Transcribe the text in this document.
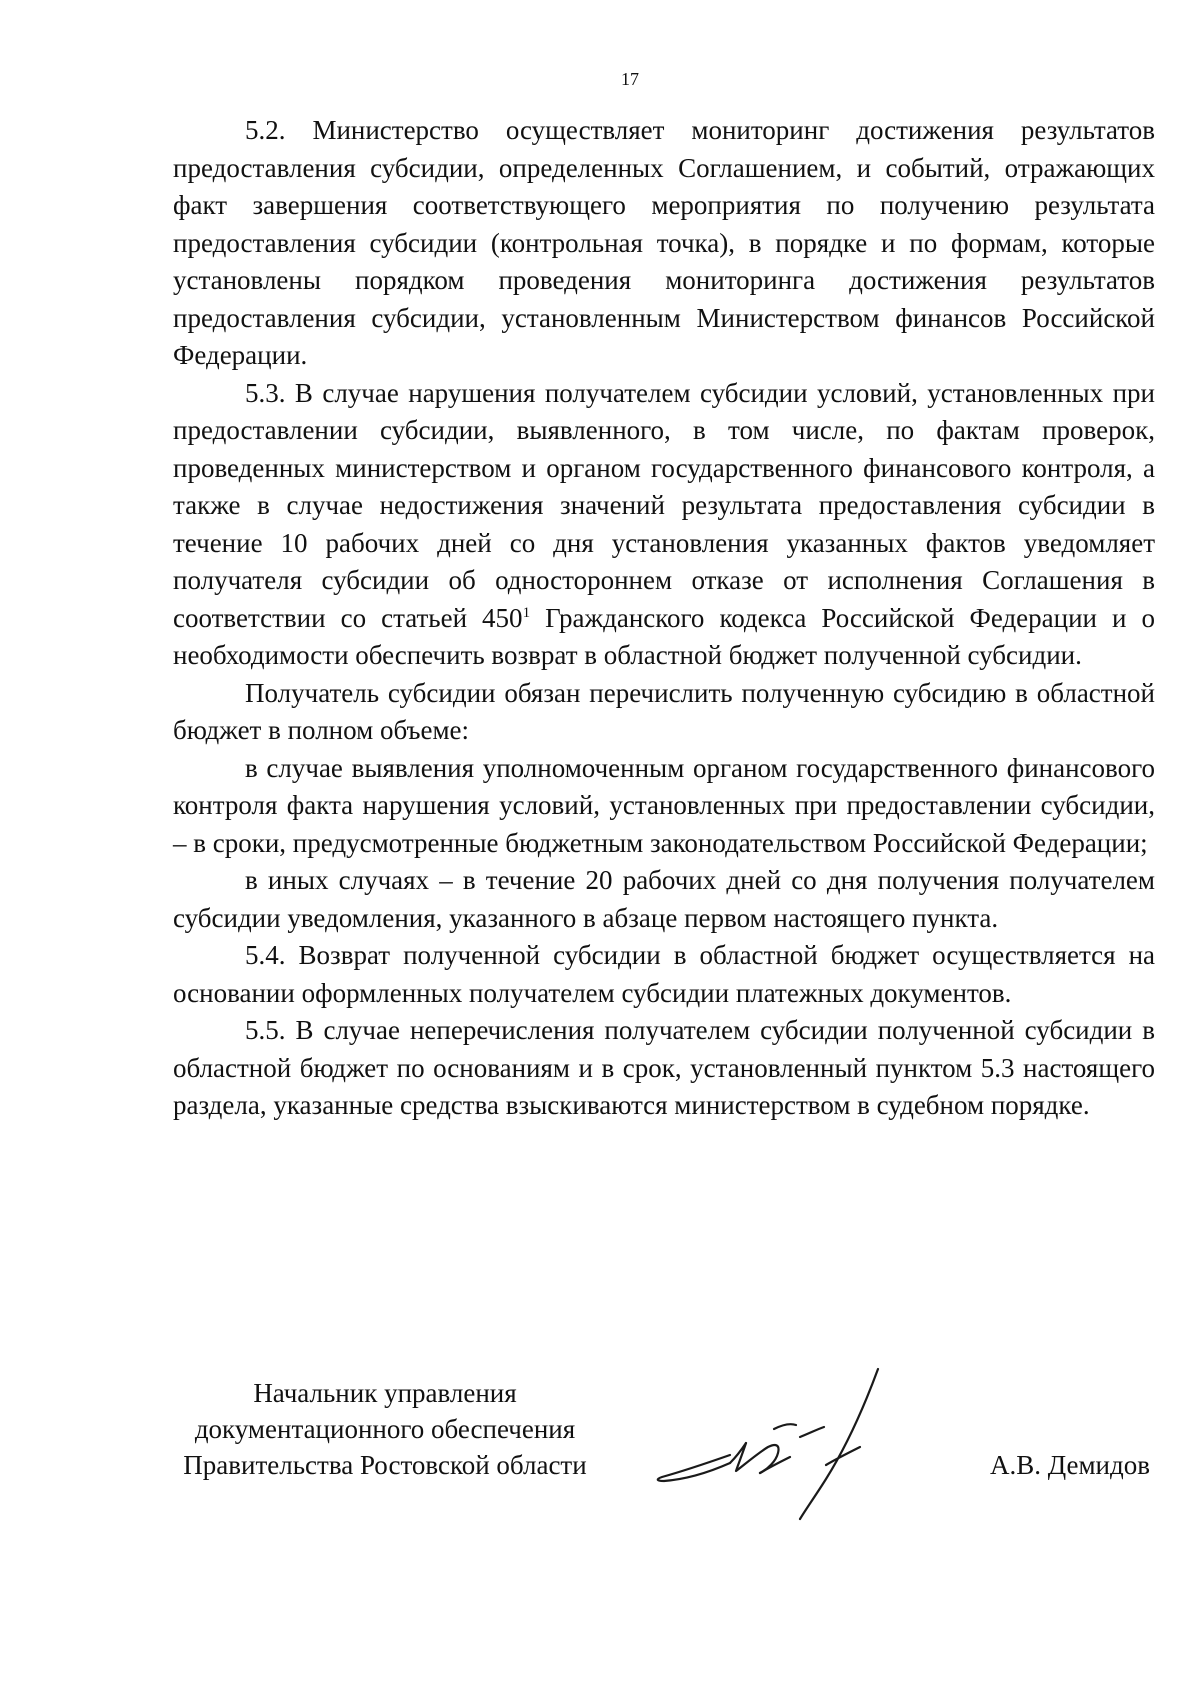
17

5.2. Министерство осуществляет мониторинг достижения результатов предоставления субсидии, определенных Соглашением, и событий, отражающих факт завершения соответствующего мероприятия по получению результата предоставления субсидии (контрольная точка), в порядке и по формам, которые установлены порядком проведения мониторинга достижения результатов предоставления субсидии, установленным Министерством финансов Российской Федерации.

5.3. В случае нарушения получателем субсидии условий, установленных при предоставлении субсидии, выявленного, в том числе, по фактам проверок, проведенных министерством и органом государственного финансового контроля, а также в случае недостижения значений результата предоставления субсидии в течение 10 рабочих дней со дня установления указанных фактов уведомляет получателя субсидии об одностороннем отказе от исполнения Соглашения в соответствии со статьей $450^1$ Гражданского кодекса Российской Федерации и о необходимости обеспечить возврат в областной бюджет полученной субсидии.

Получатель субсидии обязан перечислить полученную субсидию в областной бюджет в полном объеме:

в случае выявления уполномоченным органом государственного финансового контроля факта нарушения условий, установленных при предоставлении субсидии, – в сроки, предусмотренные бюджетным законодательством Российской Федерации;

в иных случаях – в течение 20 рабочих дней со дня получения получателем субсидии уведомления, указанного в абзаце первом настоящего пункта.

5.4. Возврат полученной субсидии в областной бюджет осуществляется на основании оформленных получателем субсидии платежных документов.

5.5. В случае неперечисления получателем субсидии полученной субсидии в областной бюджет по основаниям и в срок, установленный пунктом 5.3 настоящего раздела, указанные средства взыскиваются министерством в судебном порядке.

Начальник управления
документационного обеспечения
Правительства Ростовской области	А.В. Демидов
